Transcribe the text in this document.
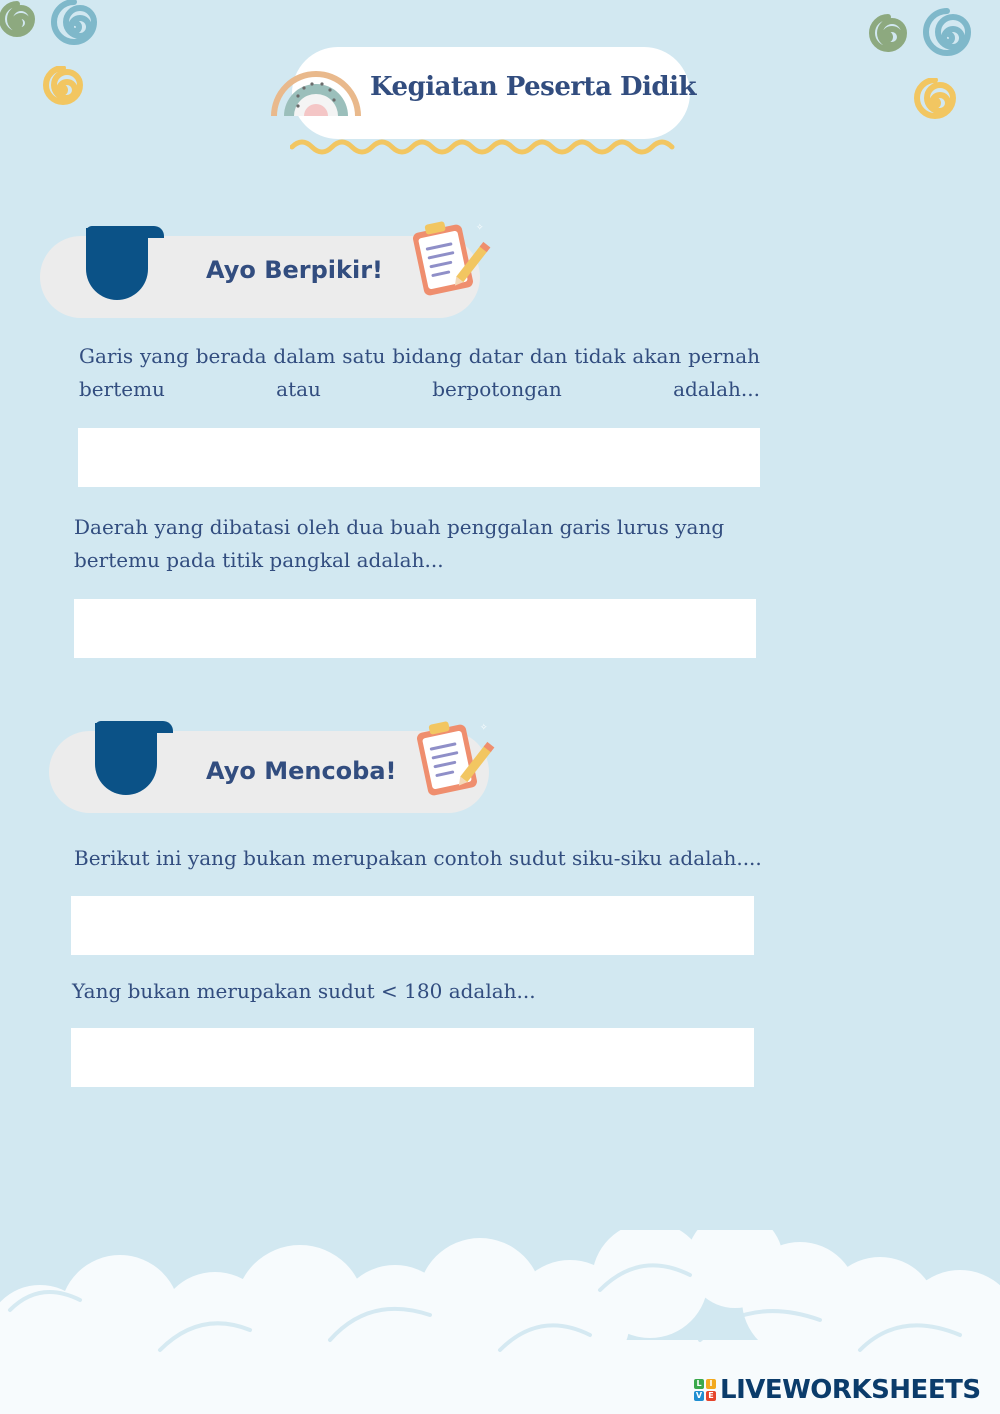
Kegiatan Peserta Didik
Ayo Berpikir!
✧
Garis yang berada dalam satu bidang datar dan tidak akan pernah bertemu atau berpotongan adalah...
Daerah yang dibatasi oleh dua buah penggalan garis lurus yang bertemu pada titik pangkal adalah...
Ayo Mencoba!
✧
Berikut ini yang bukan merupakan contoh sudut siku-siku adalah....
Yang bukan merupakan sudut < 180 adalah...
L I
V E LIVEWORKSHEETS
